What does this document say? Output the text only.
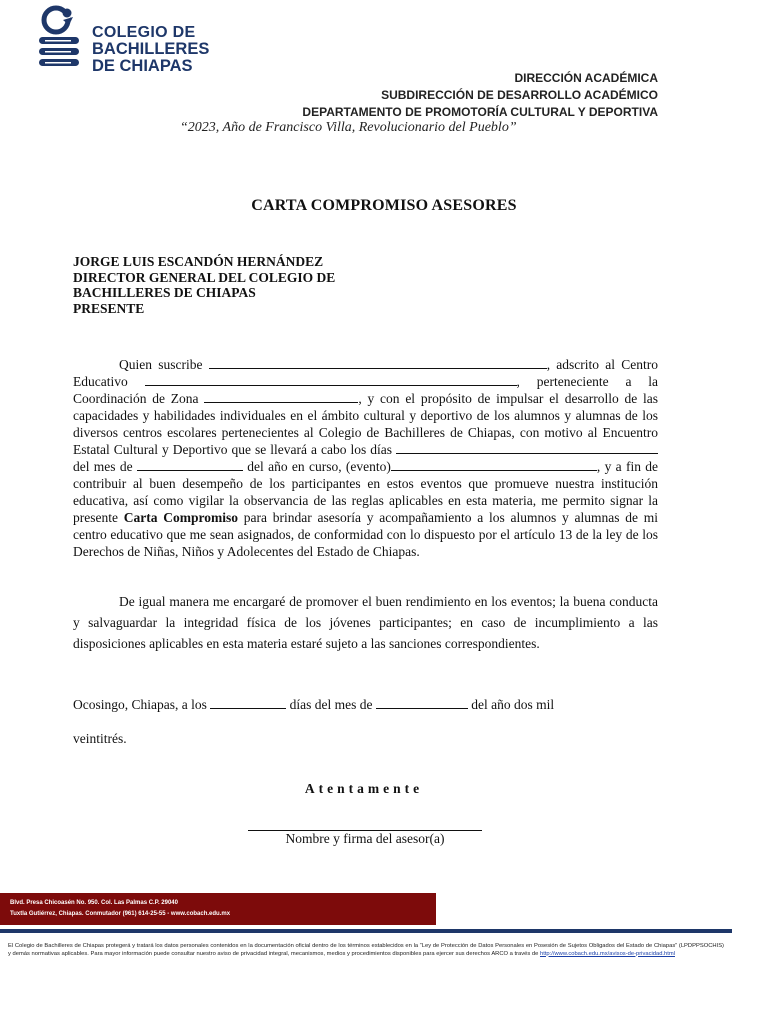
COLEGIO DE
BACHILLERES
DE CHIAPAS
DIRECCIÓN ACADÉMICA
SUBDIRECCIÓN DE DESARROLLO ACADÉMICO
DEPARTAMENTO DE PROMOTORÍA CULTURAL Y DEPORTIVA
“2023, Año de Francisco Villa, Revolucionario del Pueblo”
CARTA COMPROMISO ASESORES
JORGE LUIS ESCANDÓN HERNÁNDEZ
DIRECTOR GENERAL DEL COLEGIO DE
BACHILLERES DE CHIAPAS
PRESENTE
Quien suscribe	, adscrito al Centro Educativo	, perteneciente a la Coordinación de Zona	, y con el propósito de impulsar el desarrollo de las capacidades y habilidades individuales en el ámbito cultural y deportivo de los alumnos y alumnas de los diversos centros escolares pertenecientes al Colegio de Bachilleres de Chiapas, con motivo al Encuentro Estatal Cultural y Deportivo que se llevará a cabo los días  del mes de	del año en curso, (evento)	, y a fin de contribuir al buen desempeño de los participantes en estos eventos que promueve nuestra institución educativa, así como vigilar la observancia de las reglas aplicables en esta materia, me permito signar la presente Carta Compromiso para brindar asesoría y acompañamiento a los alumnos y alumnas de mi centro educativo que me sean asignados, de conformidad con lo dispuesto por el artículo 13 de la ley de los Derechos de Niñas, Niños y Adolecentes del Estado de Chiapas.
De igual manera me encargaré de promover el buen rendimiento en los eventos; la buena conducta y salvaguardar la integridad física de los jóvenes participantes; en caso de incumplimiento a las disposiciones aplicables en esta materia estaré sujeto a las sanciones correspondientes.
Ocosingo, Chiapas, a los	días del mes de	del año dos mil
veintitrés.
Atentamente
Nombre y firma del asesor(a)
Blvd. Presa Chicoasén No. 950. Col. Las Palmas C.P. 29040
Tuxtla Gutiérrez, Chiapas. Conmutador (961) 614-25-55 - www.cobach.edu.mx
El Colegio de Bachilleres de Chiapas protegerá y tratará los datos personales contenidos en la documentación oficial dentro de los términos establecidos en la “Ley de Protección de Datos Personales en Posesión de Sujetos Obligados del Estado de Chiapas” (LPDPPSOCHIS) y demás normativas aplicables. Para mayor información puede consultar nuestro aviso de privacidad integral, mecanismos, medios y procedimientos disponibles para ejercer sus derechos ARCO a través de http://www.cobach.edu.mx/avisos-de-privacidad.html
